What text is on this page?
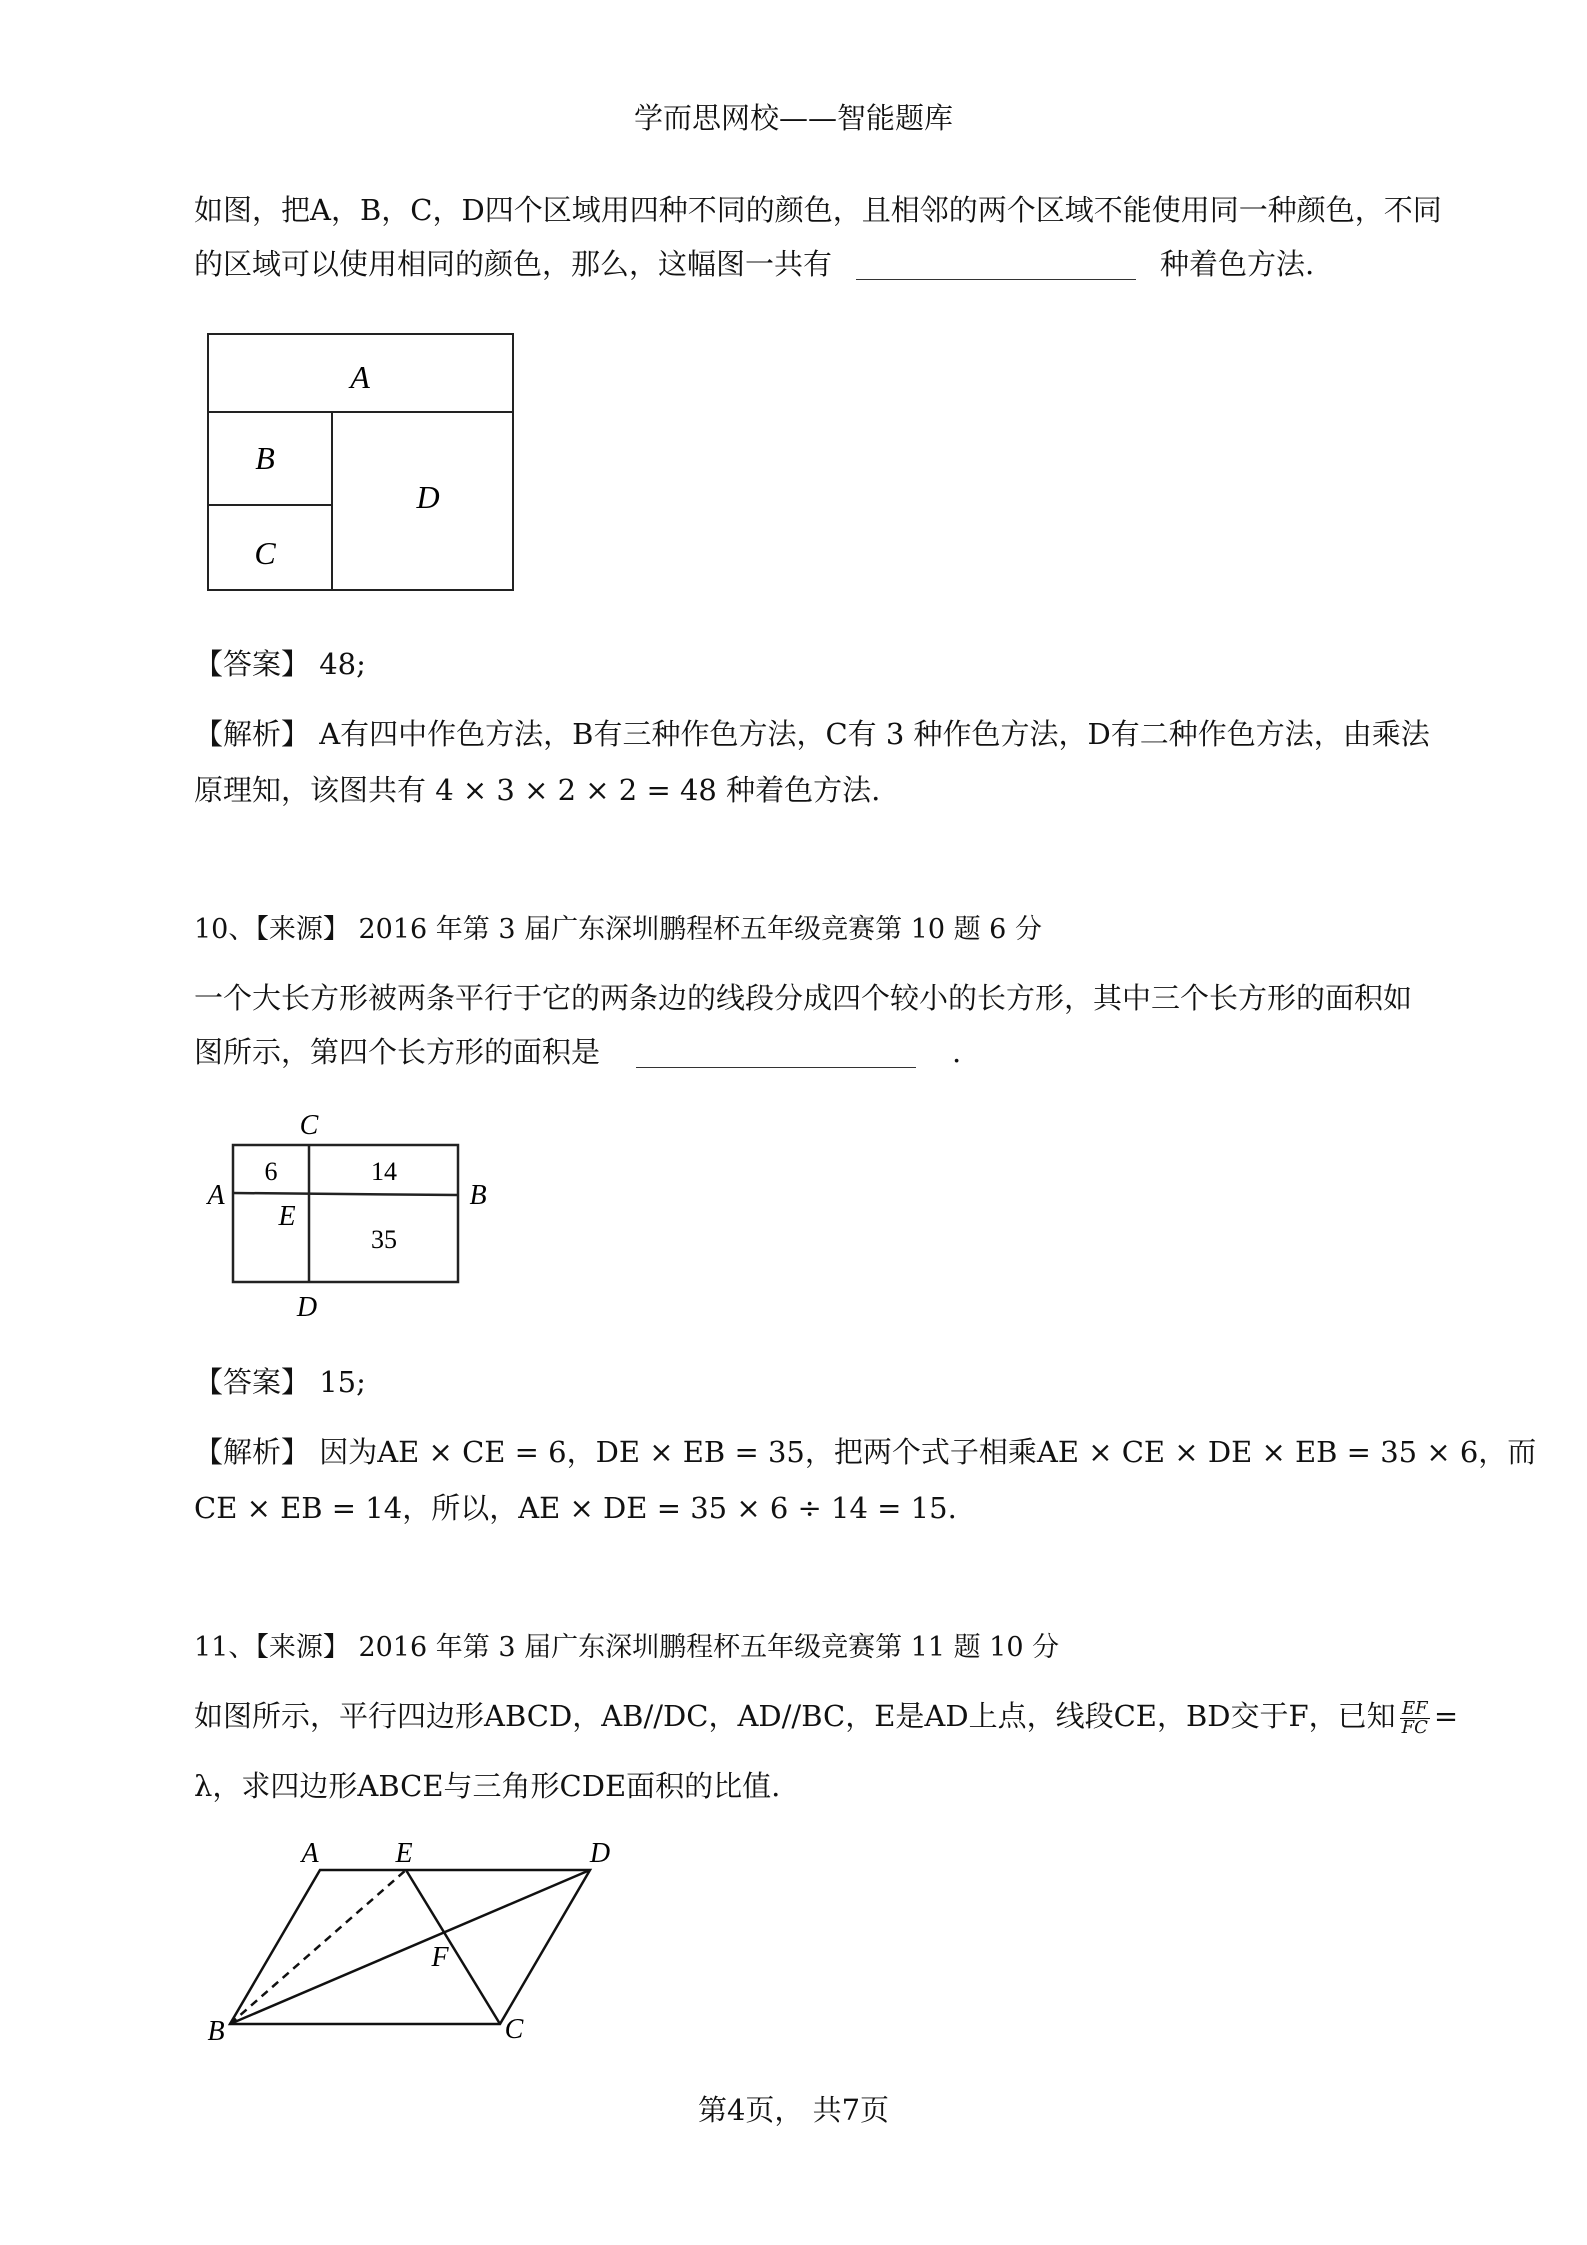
学而思网校——智能题库
如图，把A，B，C，D四个区域用四种不同的颜色，且相邻的两个区域不能使用同一种颜色，不同
的区域可以使用相同的颜色，那么，这幅图一共有	种着色方法.
A
B
C
D
【答案】 48;
【解析】 A有四中作色方法，B有三种作色方法，C有 3 种作色方法，D有二种作色方法，由乘法
原理知，该图共有 4 × 3 × 2 × 2 = 48 种着色方法.
10、【来源】 2016 年第 3 届广东深圳鹏程杯五年级竞赛第 10 题 6 分
一个大长方形被两条平行于它的两条边的线段分成四个较小的长方形，其中三个长方形的面积如
图所示，第四个长方形的面积是	.
6	14
35
C
A
E
B
D
【答案】 15;
【解析】 因为AE × CE = 6，DE × EB = 35，把两个式子相乘AE × CE × DE × EB = 35 × 6，而
CE × EB = 14，所以，AE × DE = 35 × 6 ÷ 14 = 15.
11、【来源】 2016 年第 3 届广东深圳鹏程杯五年级竞赛第 11 题 10 分
如图所示，平行四边形ABCD，AB//DC，AD//BC，E是AD上点，线段CE，BD交于F，已知 $\frac{EF}{FC}$ =
λ，求四边形ABCE与三角形CDE面积的比值.
A	E	D
F
B	C
第4页， 共7页
